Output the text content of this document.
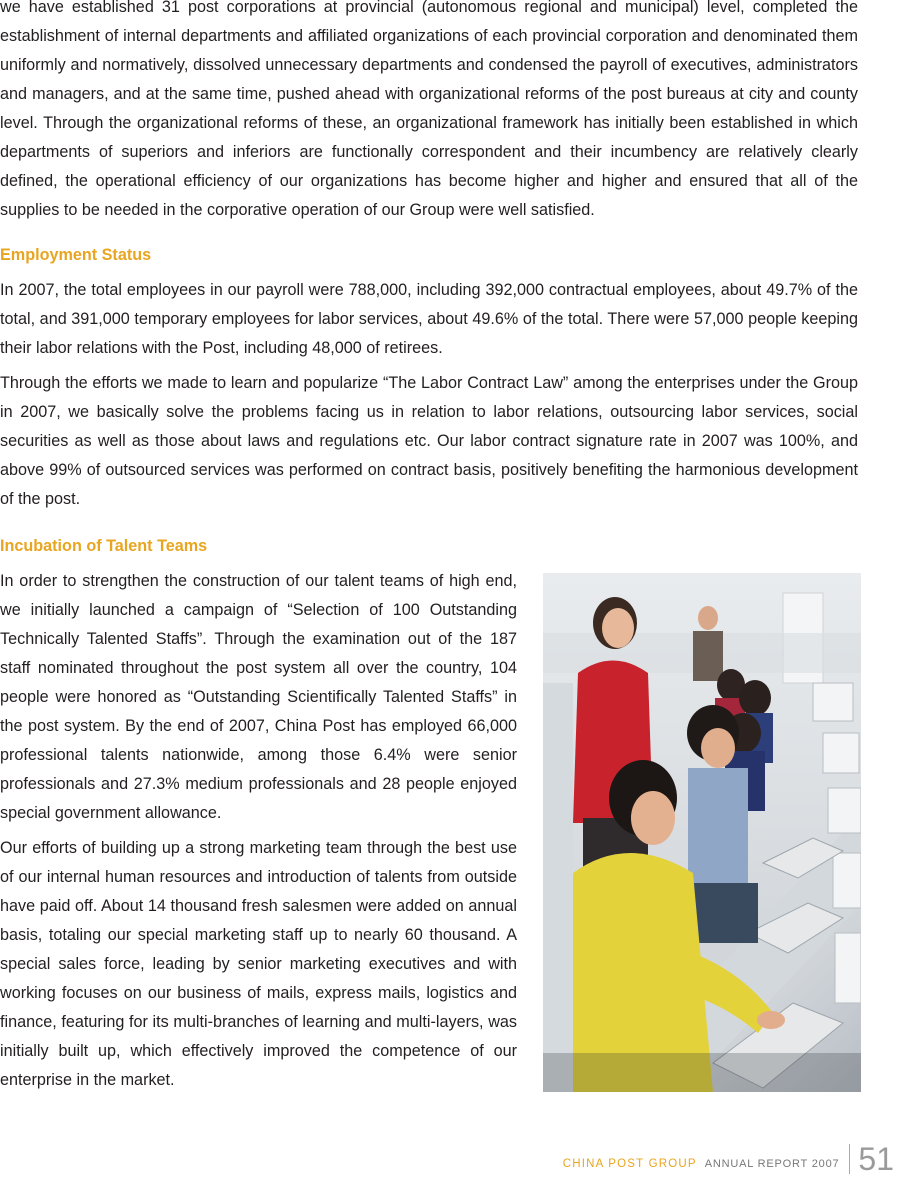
we have established 31 post corporations at provincial (autonomous regional and municipal) level, completed the establishment of internal departments and affiliated organizations of each provincial corporation and denominated them uniformly and normatively, dissolved unnecessary departments and condensed the payroll of executives, administrators and managers, and at the same time, pushed ahead with organizational reforms of the post bureaus at city and county level. Through the organizational reforms of these, an organizational framework has initially been established in which departments of superiors and inferiors are functionally correspondent and their incumbency are relatively clearly defined, the operational efficiency of our organizations has become higher and higher and ensured that all of the supplies to be needed in the corporative operation of our Group were well satisfied.

Employment Status

In 2007, the total employees in our payroll were 788,000, including 392,000 contractual employees, about 49.7% of the total, and 391,000 temporary employees for labor services, about 49.6% of the total. There were 57,000 people keeping their labor relations with the Post, including 48,000 of retirees.

Through the efforts we made to learn and popularize “The Labor Contract Law” among the enterprises under the Group in 2007, we basically solve the problems facing us in relation to labor relations, outsourcing labor services, social securities as well as those about laws and regulations etc. Our labor contract signature rate in 2007 was 100%, and above 99% of outsourced services was performed on contract basis, positively benefiting the harmonious development of the post.

Incubation of Talent Teams

In order to strengthen the construction of our talent teams of high end, we initially launched a campaign of “Selection of 100 Outstanding Technically Talented Staffs”. Through the examination out of the 187 staff nominated throughout the post system all over the country, 104 people were honored as “Outstanding Scientifically Talented Staffs” in the post system. By the end of 2007, China Post has employed 66,000 professional talents nationwide, among those 6.4% were senior professionals and 27.3% medium professionals and 28 people enjoyed special government allowance.

Our efforts of building up a strong marketing team through the best use of our internal human resources and introduction of talents from outside have paid off. About 14 thousand fresh salesmen were added on annual basis, totaling our special marketing staff up to nearly 60 thousand. A special sales force, leading by senior marketing executives and with working focuses on our business of mails, express mails, logistics and finance, featuring for its multi-branches of learning and multi-layers, was initially built up, which effectively improved the competence of our enterprise in the market.

CHINA POST GROUP ANNUAL REPORT 2007 51
